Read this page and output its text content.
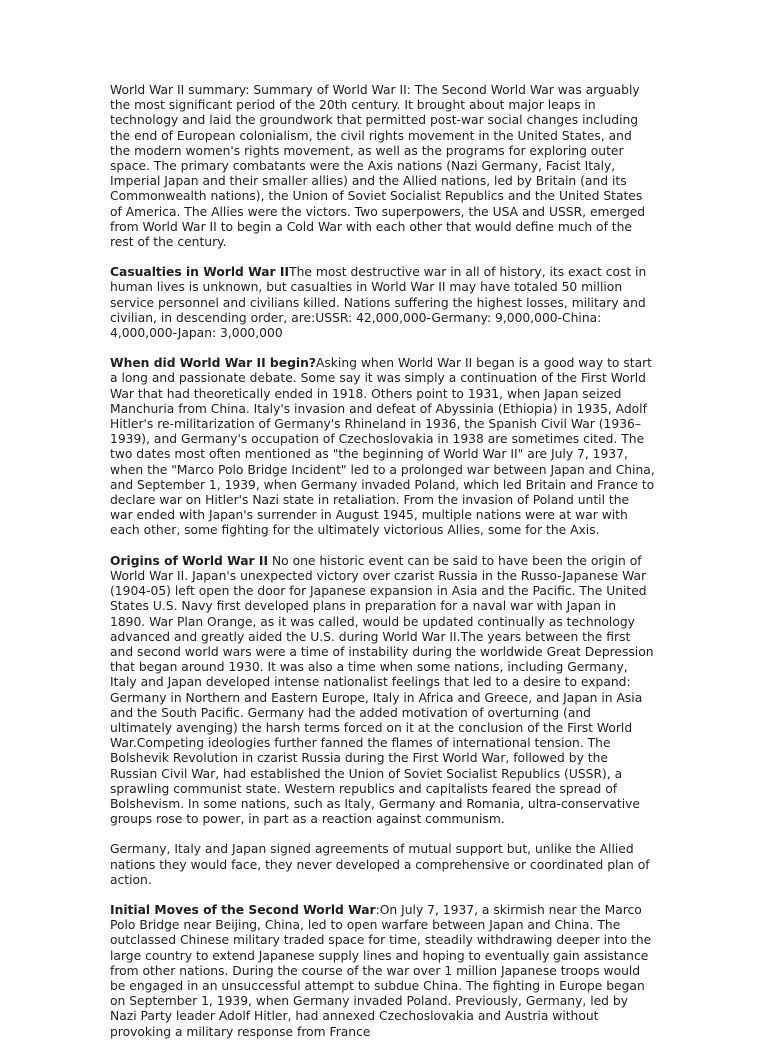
World War II summary: Summary of World War II: The Second World War was arguably the most significant period of the 20th century. It brought about major leaps in technology and laid the groundwork that permitted post-war social changes including the end of European colonialism, the civil rights movement in the United States, and the modern women's rights movement, as well as the programs for exploring outer space. The primary combatants were the Axis nations (Nazi Germany, Facist Italy, Imperial Japan and their smaller allies) and the Allied nations, led by Britain (and its Commonwealth nations), the Union of Soviet Socialist Republics and the United States of America. The Allies were the victors. Two superpowers, the USA and USSR, emerged from World War II to begin a Cold War with each other that would define much of the rest of the century.

Casualties in World War IIThe most destructive war in all of history, its exact cost in human lives is unknown, but casualties in World War II may have totaled 50 million service personnel and civilians killed. Nations suffering the highest losses, military and civilian, in descending order, are:USSR: 42,000,000-Germany: 9,000,000-China: 4,000,000-Japan: 3,000,000

When did World War II begin?Asking when World War II began is a good way to start a long and passionate debate. Some say it was simply a continuation of the First World War that had theoretically ended in 1918. Others point to 1931, when Japan seized Manchuria from China. Italy's invasion and defeat of Abyssinia (Ethiopia) in 1935, Adolf Hitler's re-militarization of Germany's Rhineland in 1936, the Spanish Civil War (1936–1939), and Germany's occupation of Czechoslovakia in 1938 are sometimes cited. The two dates most often mentioned as "the beginning of World War II" are July 7, 1937, when the "Marco Polo Bridge Incident" led to a prolonged war between Japan and China, and September 1, 1939, when Germany invaded Poland, which led Britain and France to declare war on Hitler's Nazi state in retaliation. From the invasion of Poland until the war ended with Japan's surrender in August 1945, multiple nations were at war with each other, some fighting for the ultimately victorious Allies, some for the Axis.

Origins of World War II No one historic event can be said to have been the origin of World War II. Japan's unexpected victory over czarist Russia in the Russo-Japanese War (1904-05) left open the door for Japanese expansion in Asia and the Pacific. The United States U.S. Navy first developed plans in preparation for a naval war with Japan in 1890. War Plan Orange, as it was called, would be updated continually as technology advanced and greatly aided the U.S. during World War II.The years between the first and second world wars were a time of instability during the worldwide Great Depression that began around 1930. It was also a time when some nations, including Germany, Italy and Japan developed intense nationalist feelings that led to a desire to expand: Germany in Northern and Eastern Europe, Italy in Africa and Greece, and Japan in Asia and the South Pacific. Germany had the added motivation of overturning (and ultimately avenging) the harsh terms forced on it at the conclusion of the First World War.Competing ideologies further fanned the flames of international tension. The Bolshevik Revolution in czarist Russia during the First World War, followed by the Russian Civil War, had established the Union of Soviet Socialist Republics (USSR), a sprawling communist state. Western republics and capitalists feared the spread of Bolshevism. In some nations, such as Italy, Germany and Romania, ultra-conservative groups rose to power, in part as a reaction against communism.

Germany, Italy and Japan signed agreements of mutual support but, unlike the Allied nations they would face, they never developed a comprehensive or coordinated plan of action.

Initial Moves of the Second World War:On July 7, 1937, a skirmish near the Marco Polo Bridge near Beijing, China, led to open warfare between Japan and China. The outclassed Chinese military traded space for time, steadily withdrawing deeper into the large country to extend Japanese supply lines and hoping to eventually gain assistance from other nations. During the course of the war over 1 million Japanese troops would be engaged in an unsuccessful attempt to subdue China. The fighting in Europe began on September 1, 1939, when Germany invaded Poland. Previously, Germany, led by Nazi Party leader Adolf Hitler, had annexed Czechoslovakia and Austria without provoking a military response from France
